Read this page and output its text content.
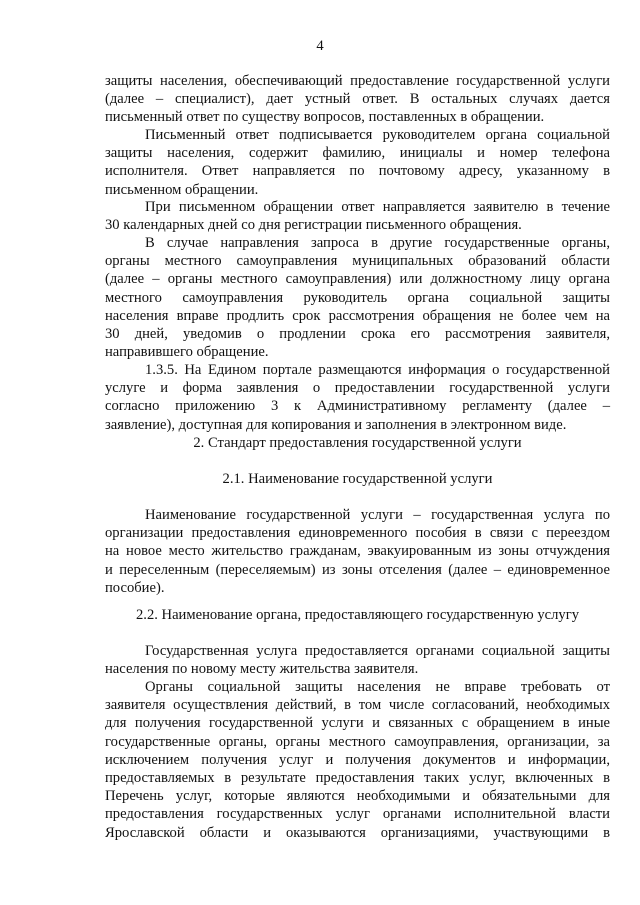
4
защиты населения, обеспечивающий предоставление государственной услуги
(далее – специалист), дает устный ответ. В остальных случаях дается
письменный ответ по существу вопросов, поставленных в обращении.
Письменный ответ подписывается руководителем органа социальной
защиты населения, содержит фамилию, инициалы и номер телефона
исполнителя. Ответ направляется по почтовому адресу, указанному в
письменном обращении.
При письменном обращении ответ направляется заявителю в течение
30 календарных дней со дня регистрации письменного обращения.
В случае направления запроса в другие государственные органы,
органы местного самоуправления муниципальных образований области
(далее – органы местного самоуправления) или должностному лицу органа
местного самоуправления руководитель органа социальной защиты
населения вправе продлить срок рассмотрения обращения не более чем на
30 дней, уведомив о продлении срока его рассмотрения заявителя,
направившего обращение.
1.3.5. На Едином портале размещаются информация о государственной
услуге и форма заявления о предоставлении государственной услуги
согласно приложению 3 к Административному регламенту (далее –
заявление), доступная для копирования и заполнения в электронном виде.
2. Стандарт предоставления государственной услуги
2.1. Наименование государственной услуги
Наименование государственной услуги – государственная услуга по
организации предоставления единовременного пособия в связи с переездом
на новое место жительство гражданам, эвакуированным из зоны отчуждения
и переселенным (переселяемым) из зоны отселения (далее – единовременное
пособие).
2.2. Наименование органа, предоставляющего государственную услугу
Государственная услуга предоставляется органами социальной защиты
населения по новому месту жительства заявителя.
Органы социальной защиты населения не вправе требовать от
заявителя осуществления действий, в том числе согласований, необходимых
для получения государственной услуги и связанных с обращением в иные
государственные органы, органы местного самоуправления, организации, за
исключением получения услуг и получения документов и информации,
предоставляемых в результате предоставления таких услуг, включенных в
Перечень услуг, которые являются необходимыми и обязательными для
предоставления государственных услуг органами исполнительной власти
Ярославской области и оказываются организациями, участвующими в
